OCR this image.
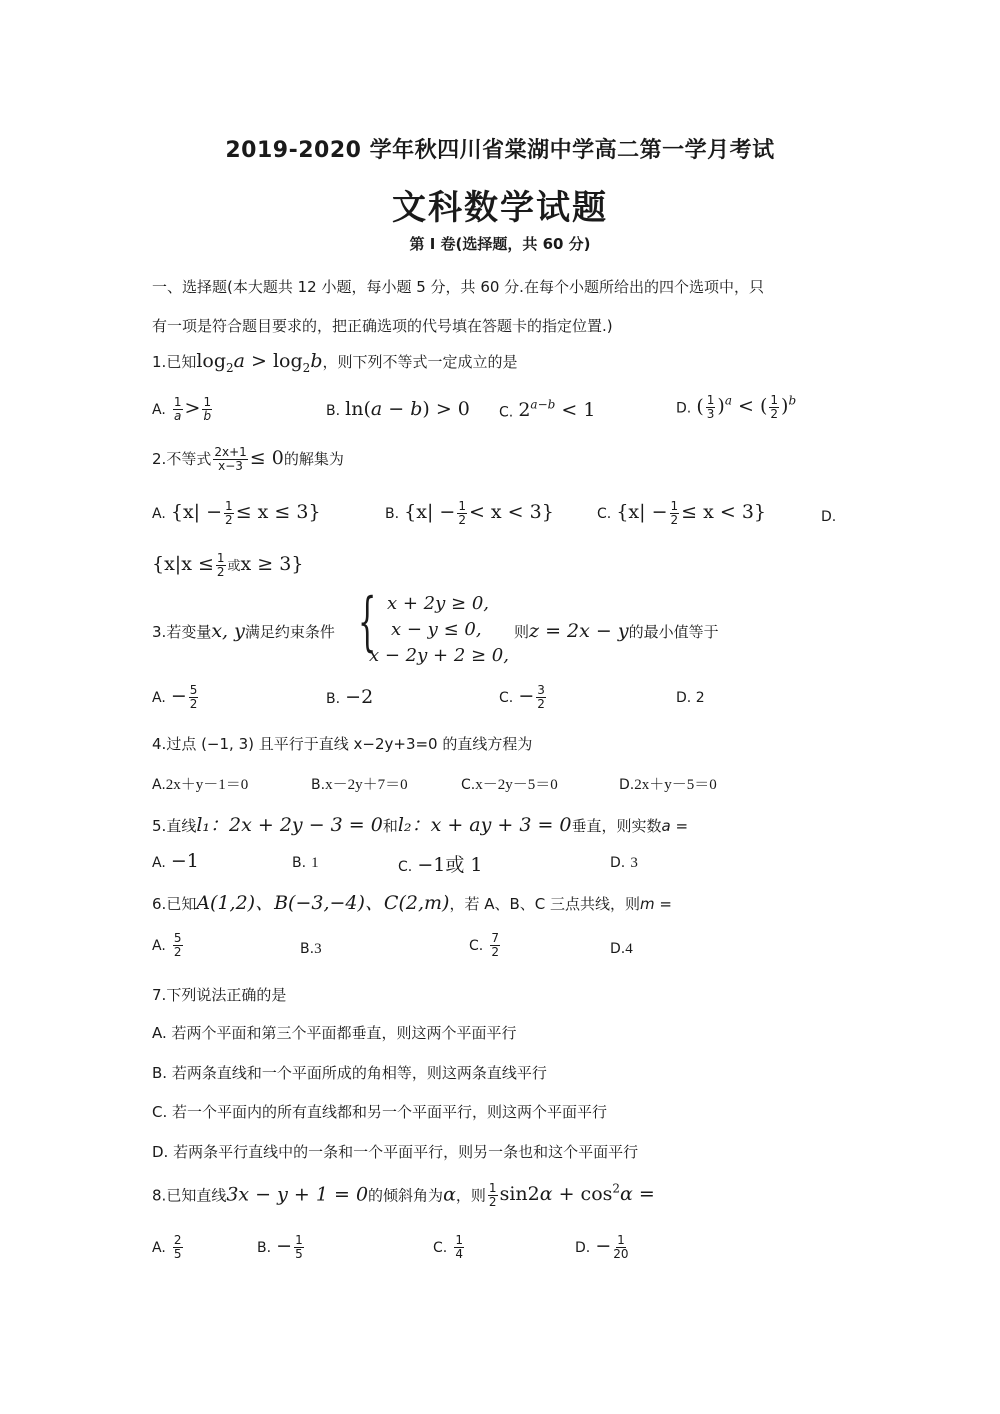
2019-2020 学年秋四川省棠湖中学高二第一学月考试
文科数学试题
第 I 卷(选择题，共 60 分)
一、选择题(本大题共 12 小题，每小题 5 分，共 60 分.在每个小题所给出的四个选项中，只
有一项是符合题目要求的，把正确选项的代号填在答题卡的指定位置.)
1.已知$\log_2a > \log_2b$，则下列不等式一定成立的是
A. $\frac{1}{a} > \frac{1}{b}$	B. ln(a − b) > 0 C. $2^{a-b} < 1$	D. ( $\frac{1}{3} )^a$ < ( $\frac{1}{2} )^b$
2.不等式 $\frac{2x+1}{x-3} \le 0$的解集为
A. $\{x| - \frac{1}{2} \le x \le 3\}$	B. $\{x| - \frac{1}{2} < x < 3\}$	C. $\{x| - \frac{1}{2} \le x < 3\}$	D.
{$x|x \le \frac{1}{2}$ 或x ≥ 3}
3.若变量x, y满足约束条件 { x + 2y ≥ 0,
x − y ≤ 0,
x − 2y + 2 ≥ 0,
则z = 2x − y的最小值等于
A. − $\frac{5}{2}$	B. −2	C. − $\frac{3}{2}$	D. 2
4.过点 (−1, 3) 且平行于直线 x−2y+3=0 的直线方程为
A.2x＋y－1＝0	B.x－2y＋7＝0	C.x－2y－5＝0	D.2x＋y－5＝0
5.直线l₁：2x + 2y − 3 = 0和l₂：x + ay + 3 = 0垂直，则实数a =
A. −1	B. 1	C. −1或 1	D. 3
6.已知A(1,2)、B(−3,−4)、C(2,m)，若 A、B、C 三点共线，则m =
A. $\frac{5}{2}$	B.3	C. $\frac{7}{2}$	D.4
7.下列说法正确的是
A. 若两个平面和第三个平面都垂直，则这两个平面平行
B. 若两条直线和一个平面所成的角相等，则这两条直线平行
C. 若一个平面内的所有直线都和另一个平面平行，则这两个平面平行
D. 若两条平行直线中的一条和一个平面平行，则另一条也和这个平面平行
8.已知直线3x − y + 1 = 0的倾斜角为α，则 $\frac{1}{2} \sin 2\alpha + \cos^2\alpha$ =
A. $\frac{2}{5}$	B. − $\frac{1}{5}$	C. $\frac{1}{4}$	D. − $\frac{1}{20}$
